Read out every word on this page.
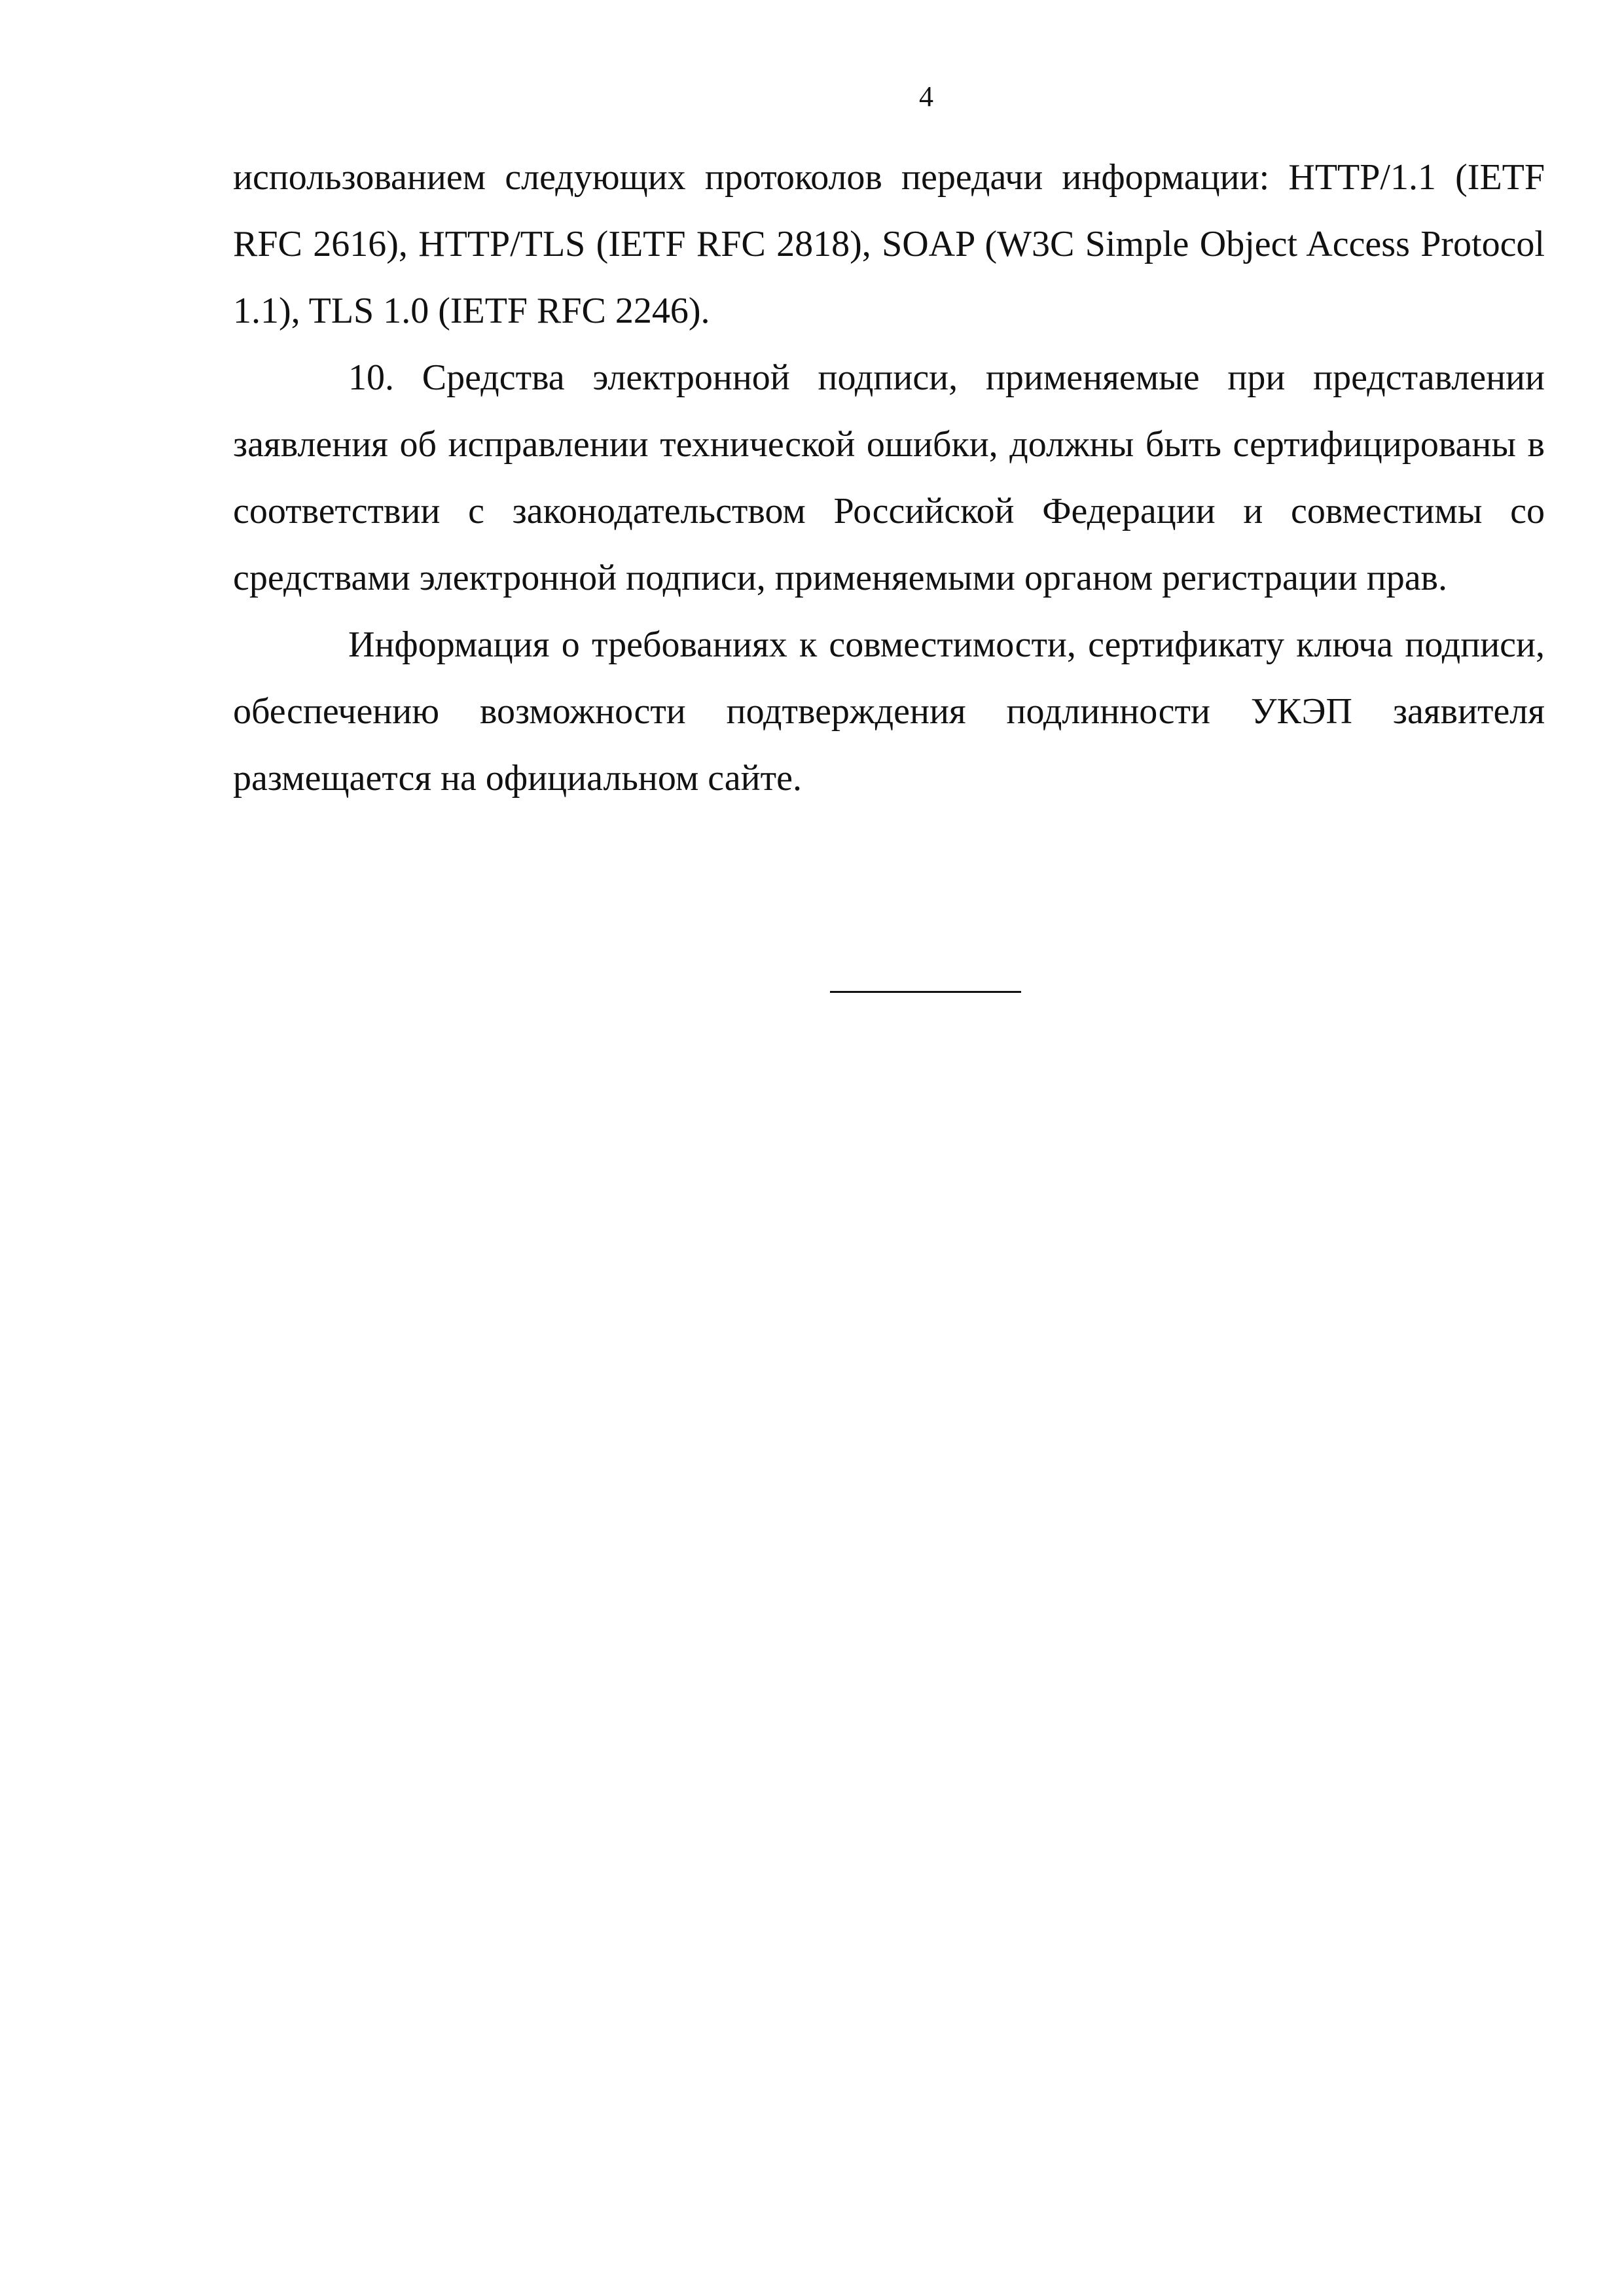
4

использованием следующих протоколов передачи информации: HTTP/1.1 (IETF RFC 2616), HTTP/TLS (IETF RFC 2818), SOAP (W3C Simple Object Access Protocol 1.1), TLS 1.0 (IETF RFC 2246).

10. Средства электронной подписи, применяемые при представлении заявления об исправлении технической ошибки, должны быть сертифицированы в соответствии с законодательством Российской Федерации и совместимы со средствами электронной подписи, применяемыми органом регистрации прав.

Информация о требованиях к совместимости, сертификату ключа подписи, обеспечению возможности подтверждения подлинности УКЭП заявителя размещается на официальном сайте.
